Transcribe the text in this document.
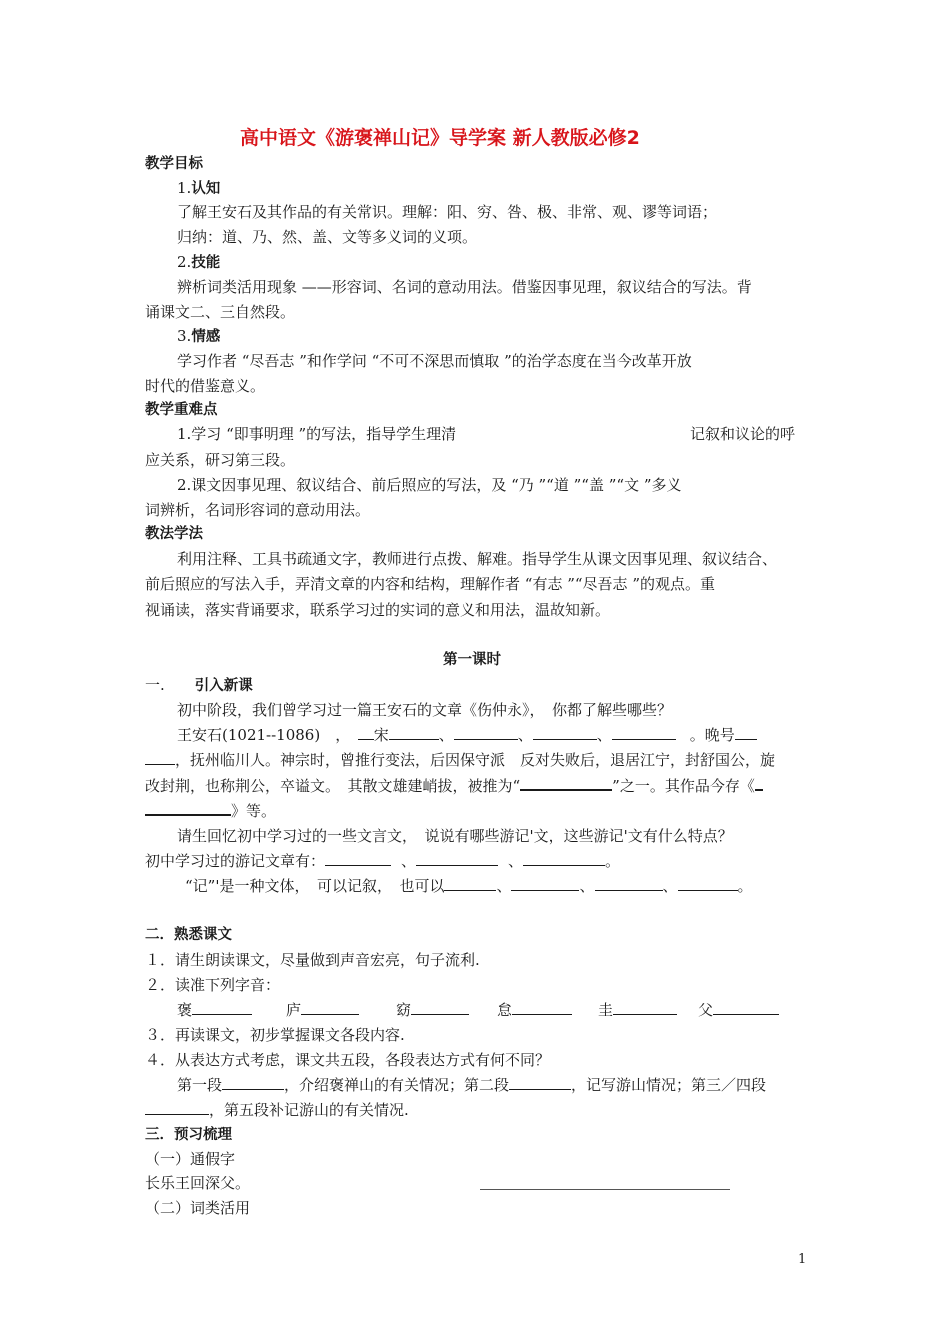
高中语文《游褒禅山记》导学案 新人教版必修2
教学目标
1.认知
了解王安石及其作品的有关常识。理解：阳、穷、咎、极、非常、观、谬等词语；
归纳：道、乃、然、盖、文等多义词的义项。
2.技能
辨析词类活用现象 ——形容词、名词的意动用法。借鉴因事见理，叙议结合的写法。背
诵课文二、三自然段。
3.情感
学习作者 “尽吾志 ”和作学问 “不可不深思而慎取 ”的治学态度在当今改革开放
时代的借鉴意义。
教学重难点
1.学习 “即事明理 ”的写法，指导学生理清	记叙和议论的呼
应关系，研习第三段。
2.课文因事见理、叙议结合、前后照应的写法，及 “乃 ”“道 ”“盖 ”“文 ”多义
词辨析，名词形容词的意动用法。
教法学法
利用注释、工具书疏通文字，教师进行点拨、解难。指导学生从课文因事见理、叙议结合、
前后照应的写法入手，弄清文章的内容和结构，理解作者 “有志 ”“尽吾志 ”的观点。重
视诵读，落实背诵要求，联系学习过的实词的意义和用法，温故知新。
第一课时
一. 引入新课
初中阶段，我们曾学习过一篇王安石的文章《伤仲永》，　你都了解些哪些？
王安石(1021--1086)　，　宋	、	、	、	。晚号
，抚州临川人。神宗时，曾推行变法，后因保守派　反对失败后，退居江宁，封舒国公，旋
改封荆，也称荆公，卒谥文。　其散文雄建峭拔，被推为“	”之一。其作品今存《
》等。
请生回忆初中学习过的一些文言文，　说说有哪些游记'文，这些游记'文有什么特点？
初中学习过的游记文章有：	、	、	。
“记”'是一种文体，　可以记叙，　也可以	、	、	、	。
二．熟悉课文
１．请生朗读课文，尽量做到声音宏亮，句子流利.
２．读准下列字音：
褒	庐	窈	怠	圭	父
３．再读课文，初步掌握课文各段内容.
４．从表达方式考虑，课文共五段，各段表达方式有何不同？
第一段	，介绍褒禅山的有关情况；第二段	，记写游山情况；第三／四段
，第五段补记游山的有关情况.
三．预习梳理
（一）通假字
长乐王回深父。
（二）词类活用
1
